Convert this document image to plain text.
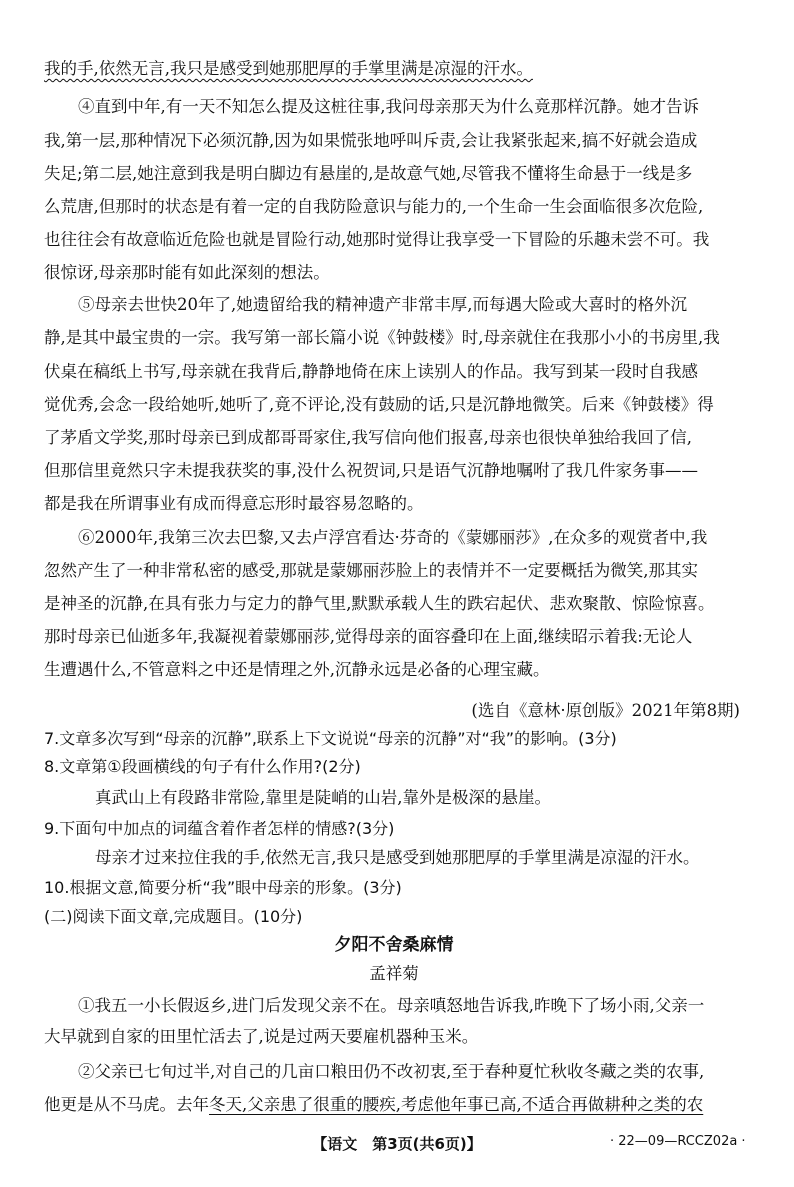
我的手,依然无言,我只是感受到她那肥厚的手掌里满是凉湿的汗水。
④直到中年,有一天不知怎么提及这桩往事,我问母亲那天为什么竟那样沉静。她才告诉
我,第一层,那种情况下必须沉静,因为如果慌张地呼叫斥责,会让我紧张起来,搞不好就会造成
失足;第二层,她注意到我是明白脚边有悬崖的,是故意气她,尽管我不懂将生命悬于一线是多
么荒唐,但那时的状态是有着一定的自我防险意识与能力的,一个生命一生会面临很多次危险,
也往往会有故意临近危险也就是冒险行动,她那时觉得让我享受一下冒险的乐趣未尝不可。我
很惊讶,母亲那时能有如此深刻的想法。
⑤母亲去世快20年了,她遗留给我的精神遗产非常丰厚,而每遇大险或大喜时的格外沉
静,是其中最宝贵的一宗。我写第一部长篇小说《钟鼓楼》时,母亲就住在我那小小的书房里,我
伏桌在稿纸上书写,母亲就在我背后,静静地倚在床上读别人的作品。我写到某一段时自我感
觉优秀,会念一段给她听,她听了,竟不评论,没有鼓励的话,只是沉静地微笑。后来《钟鼓楼》得
了茅盾文学奖,那时母亲已到成都哥哥家住,我写信向他们报喜,母亲也很快单独给我回了信,
但那信里竟然只字未提我获奖的事,没什么祝贺词,只是语气沉静地嘱咐了我几件家务事——
都是我在所谓事业有成而得意忘形时最容易忽略的。
⑥2000年,我第三次去巴黎,又去卢浮宫看达·芬奇的《蒙娜丽莎》,在众多的观赏者中,我
忽然产生了一种非常私密的感受,那就是蒙娜丽莎脸上的表情并不一定要概括为微笑,那其实
是神圣的沉静,在具有张力与定力的静气里,默默承载人生的跌宕起伏、悲欢聚散、惊险惊喜。
那时母亲已仙逝多年,我凝视着蒙娜丽莎,觉得母亲的面容叠印在上面,继续昭示着我:无论人
生遭遇什么,不管意料之中还是情理之外,沉静永远是必备的心理宝藏。
(选自《意林·原创版》2021年第8期)
7.文章多次写到“母亲的沉静”,联系上下文说说“母亲的沉静”对“我”的影响。(3分)
8.文章第①段画横线的句子有什么作用?(2分)
真武山上有段路非常险,靠里是陡峭的山岩,靠外是极深的悬崖。
9.下面句中加点的词蕴含着作者怎样的情感?(3分)
母亲才过来拉住我的手,依然无言,我只是感受到她那肥厚的手掌里满是凉湿的汗水。
10.根据文意,简要分析“我”眼中母亲的形象。(3分)
(二)阅读下面文章,完成题目。(10分)
夕阳不舍桑麻情
孟祥菊
①我五一小长假返乡,进门后发现父亲不在。母亲嗔怒地告诉我,昨晚下了场小雨,父亲一
大早就到自家的田里忙活去了,说是过两天要雇机器种玉米。
②父亲已七旬过半,对自己的几亩口粮田仍不改初衷,至于春种夏忙秋收冬藏之类的农事,
他更是从不马虎。去年冬天,父亲患了很重的腰疾,考虑他年事已高,不适合再做耕种之类的农
【语文　第3页(共6页)】	· 22—09—RCCZ02a ·
